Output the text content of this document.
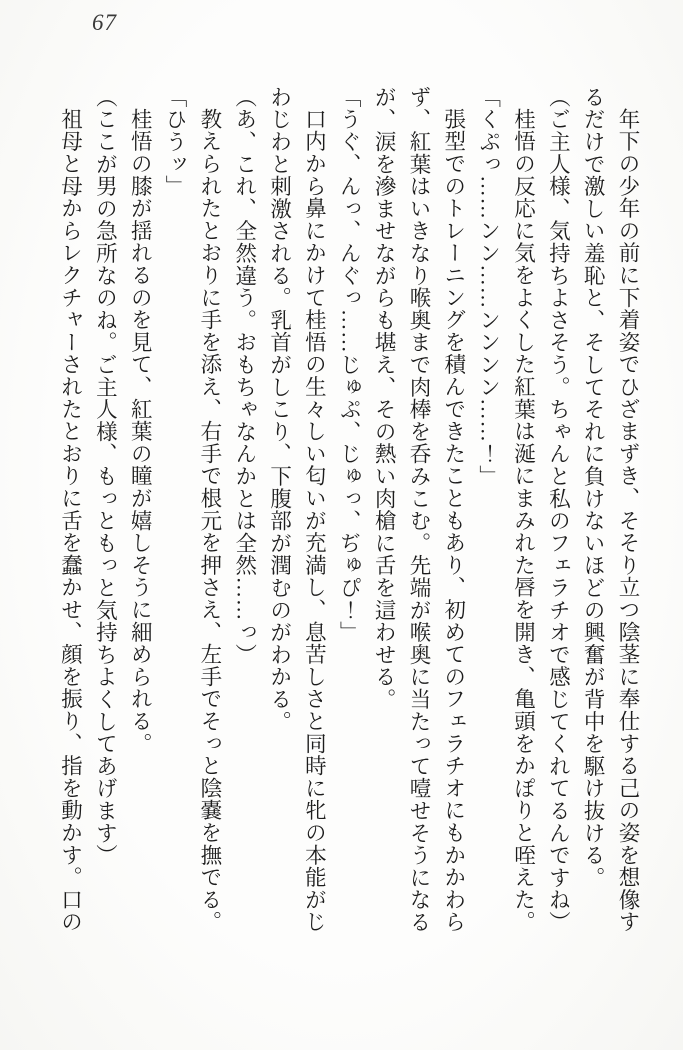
67

年下の少年の前に下着姿でひざまずき、そそり立つ陰茎に奉仕する己の姿を想像す

るだけで激しい羞恥と、そしてそれに負けないほどの興奮が背中を駆け抜ける。

（ご主人様、気持ちよさそう。ちゃんと私のフェラチオで感じてくれてるんですね）

桂悟の反応に気をよくした紅葉は涎にまみれた唇を開き、亀頭をかぽりと咥えた。

「くぷっ……ンン……ンンンン……！」

張型でのトレーニングを積んできたこともあり、初めてのフェラチオにもかかわら

ず、紅葉はいきなり喉奥まで肉棒を呑みこむ。先端が喉奥に当たって噎せそうになる

が、涙を滲ませながらも堪え、その熱い肉槍に舌を這わせる。

「うぐ、んっ、んぐっ……じゅぷ、じゅっ、ぢゅぴ！」

口内から鼻にかけて桂悟の生々しい匂いが充満し、息苦しさと同時に牝の本能がじ

わじわと刺激される。乳首がしこり、下腹部が潤むのがわかる。

（あ、これ、全然違う。おもちゃなんかとは全然……っ）

教えられたとおりに手を添え、右手で根元を押さえ、左手でそっと陰嚢を撫でる。

「ひうッ」

桂悟の膝が揺れるのを見て、紅葉の瞳が嬉しそうに細められる。

（ここが男の急所なのね。ご主人様、もっともっと気持ちよくしてあげます）

祖母と母からレクチャーされたとおりに舌を蠢かせ、顔を振り、指を動かす。口の
